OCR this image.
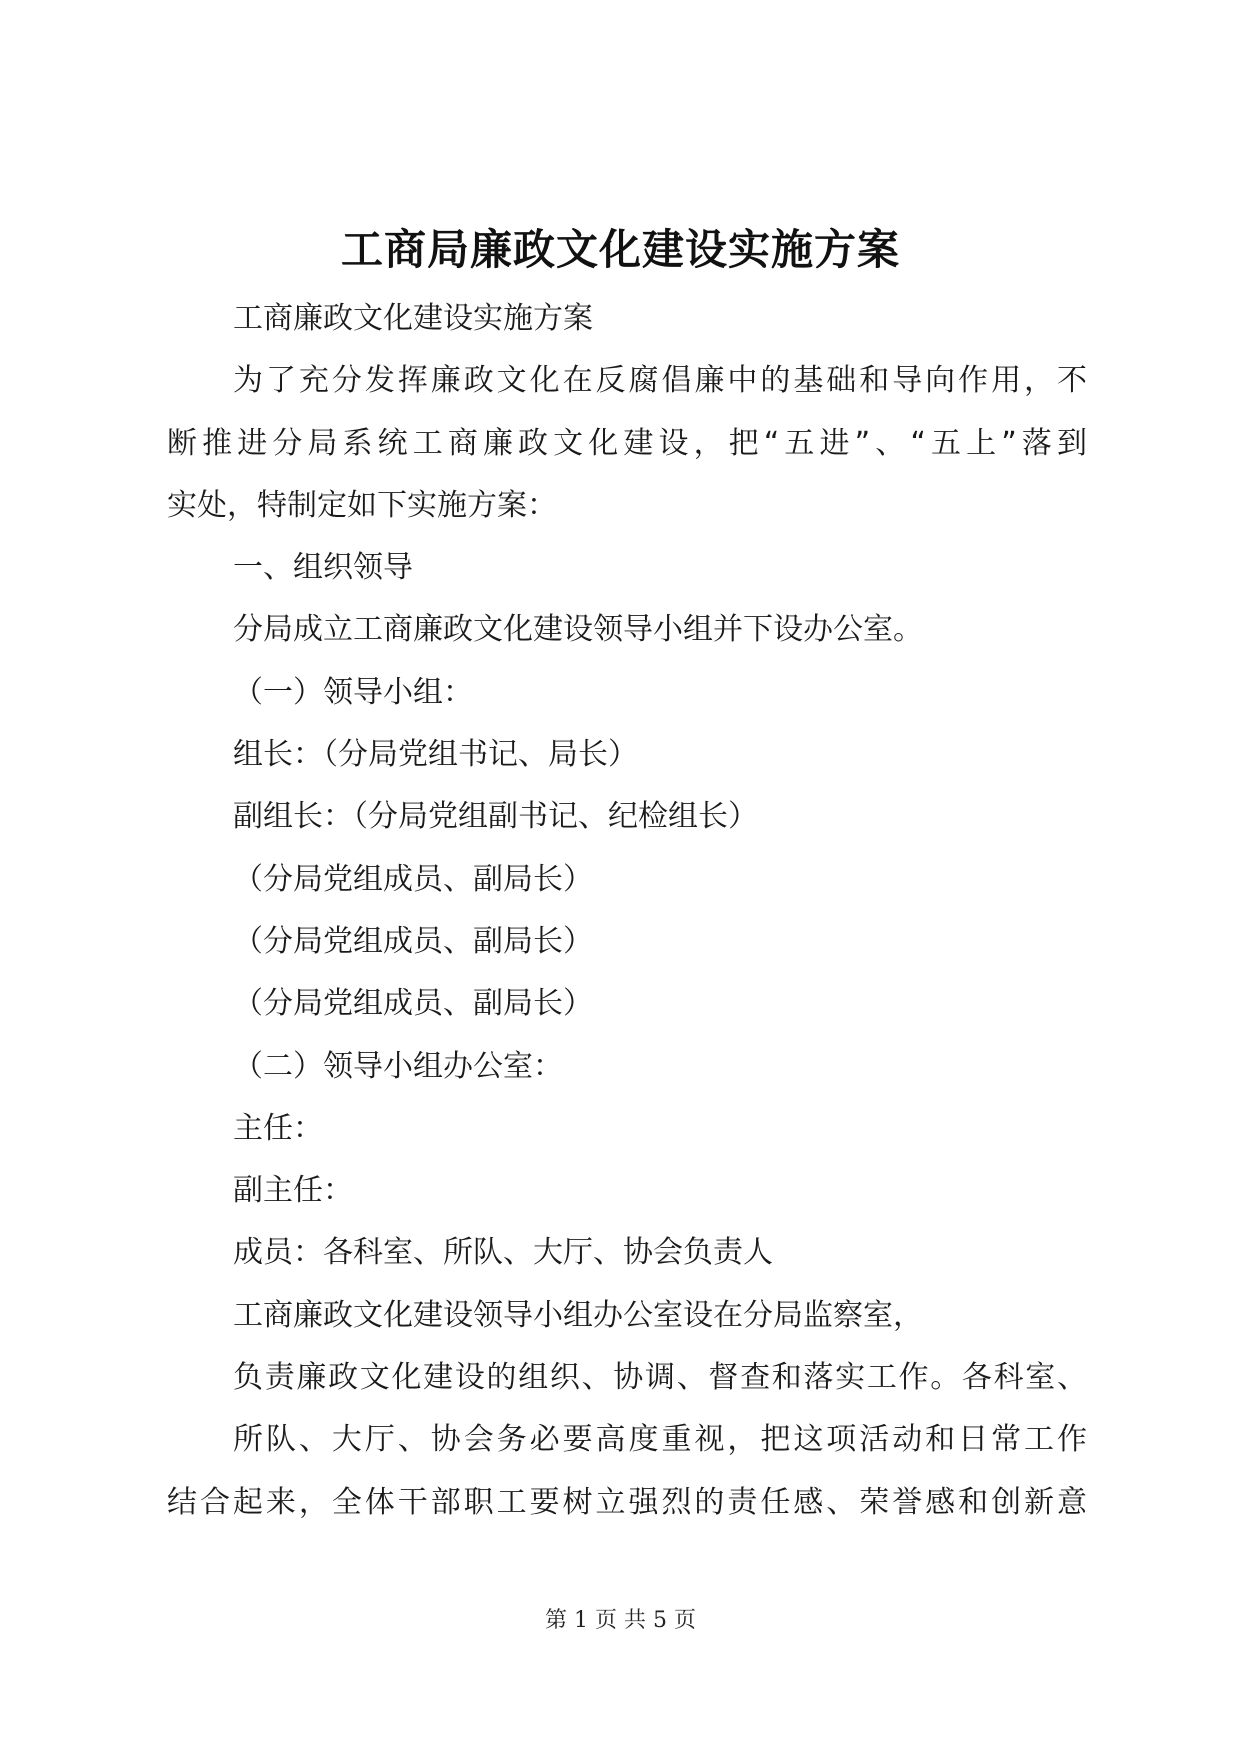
工商局廉政文化建设实施方案

工商廉政文化建设实施方案

为了充分发挥廉政文化在反腐倡廉中的基础和导向作用，不

断推进分局系统工商廉政文化建设，把“五进”、“五上”落到

实处，特制定如下实施方案：

一、组织领导

分局成立工商廉政文化建设领导小组并下设办公室。

（一）领导小组：

组长：（分局党组书记、局长）

副组长：（分局党组副书记、纪检组长）

（分局党组成员、副局长）

（分局党组成员、副局长）

（分局党组成员、副局长）

（二）领导小组办公室：

主任：

副主任：

成员：各科室、所队、大厅、协会负责人

工商廉政文化建设领导小组办公室设在分局监察室，

负责廉政文化建设的组织、协调、督查和落实工作。各科室、

所队、大厅、协会务必要高度重视，把这项活动和日常工作

结合起来，全体干部职工要树立强烈的责任感、荣誉感和创新意

第 1 页 共 5 页
